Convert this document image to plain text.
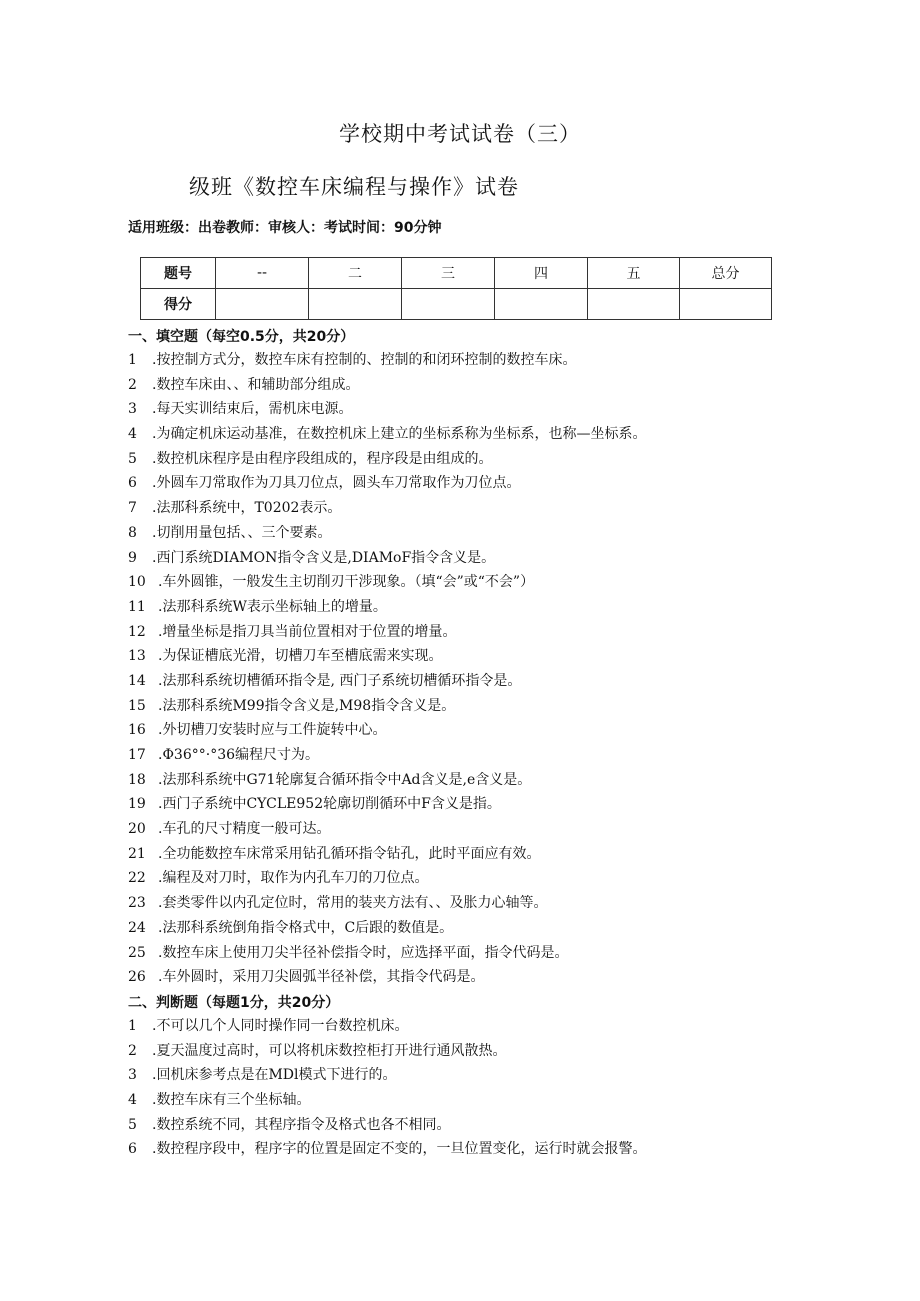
学校期中考试试卷（三）
级班《数控车床编程与操作》试卷
适用班级：出卷教师：审核人：考试时间：90分钟
题号	--	二	三	四	五	总分
得分						
一、填空题（每空0.5分，共20分）
1 .按控制方式分，数控车床有控制的、控制的和闭环控制的数控车床。
2 .数控车床由、、和辅助部分组成。
3 .每天实训结束后，需机床电源。
4 .为确定机床运动基准，在数控机床上建立的坐标系称为坐标系，也称—坐标系。
5 .数控机床程序是由程序段组成的，程序段是由组成的。
6 .外圆车刀常取作为刀具刀位点，圆头车刀常取作为刀位点。
7 .法那科系统中，T0202表示。
8 .切削用量包括、、三个要素。
9 .西门系统DIAMON指令含义是,DIAMoF指令含义是。
10 .车外圆锥，一般发生主切削刃干涉现象。（填“会”或“不会”）
11 .法那科系统W表示坐标轴上的增量。
12 .增量坐标是指刀具当前位置相对于位置的增量。
13 .为保证槽底光滑，切槽刀车至槽底需来实现。
14 .法那科系统切槽循环指令是, 西门子系统切槽循环指令是。
15 .法那科系统M99指令含义是,M98指令含义是。
16 .外切槽刀安装时应与工件旋转中心。
17 .Φ36°°·°36编程尺寸为。
18 .法那科系统中G71轮廓复合循环指令中Ad含义是,e含义是。
19 .西门子系统中CYCLE952轮廓切削循环中F含义是指。
20 .车孔的尺寸精度一般可达。
21 .全功能数控车床常采用钻孔循环指令钻孔，此时平面应有效。
22 .编程及对刀时，取作为内孔车刀的刀位点。
23 .套类零件以内孔定位时，常用的装夹方法有、、及胀力心轴等。
24 .法那科系统倒角指令格式中，C后跟的数值是。
25 .数控车床上使用刀尖半径补偿指令时，应选择平面，指令代码是。
26 .车外圆时，采用刀尖圆弧半径补偿，其指令代码是。
二、判断题（每题1分，共20分）
1 .不可以几个人同时操作同一台数控机床。
2 .夏天温度过高时，可以将机床数控柜打开进行通风散热。
3 .回机床参考点是在MDl模式下进行的。
4 .数控车床有三个坐标轴。
5 .数控系统不同，其程序指令及格式也各不相同。
6 .数控程序段中，程序字的位置是固定不变的，一旦位置变化，运行时就会报警。
